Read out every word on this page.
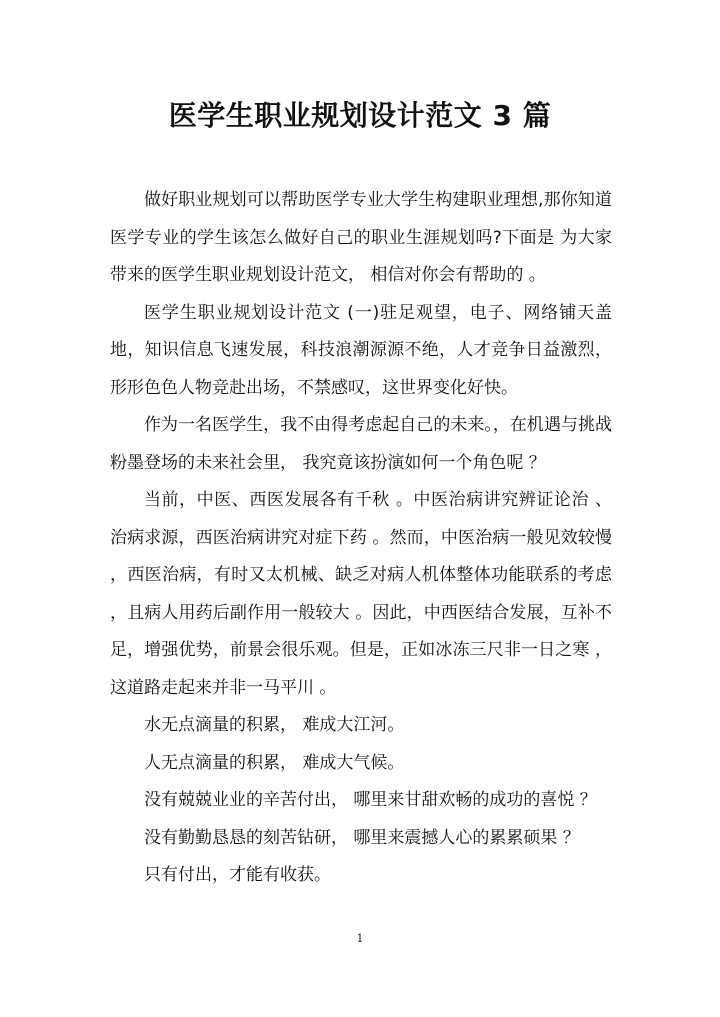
医学生职业规划设计范文 3 篇

做好职业规划可以帮助医学专业大学生构建职业理想,那你知道医学专业的学生该怎么做好自己的职业生涯规划吗?下面是 为大家带来的医学生职业规划设计范文， 相信对你会有帮助的 。

医学生职业规划设计范文 (一)驻足观望，电子、网络铺天盖地，知识信息飞速发展，科技浪潮源源不绝，人才竞争日益激烈，形形色色人物竞赴出场，不禁感叹，这世界变化好快。

作为一名医学生，我不由得考虑起自己的未来。，在机遇与挑战粉墨登场的未来社会里， 我究竟该扮演如何一个角色呢 ？

当前，中医、西医发展各有千秋 。中医治病讲究辨证论治 、治病求源，西医治病讲究对症下药 。然而，中医治病一般见效较慢 ，西医治病，有时又太机械、缺乏对病人机体整体功能联系的考虑 ，且病人用药后副作用一般较大 。因此，中西医结合发展，互补不足，增强优势，前景会很乐观。但是，正如冰冻三尺非一日之寒 ，这道路走起来并非一马平川 。

水无点滴量的积累， 难成大江河。

人无点滴量的积累， 难成大气候。

没有兢兢业业的辛苦付出， 哪里来甘甜欢畅的成功的喜悦 ？

没有勤勤恳恳的刻苦钻研， 哪里来震撼人心的累累硕果 ？

只有付出，才能有收获。

1
